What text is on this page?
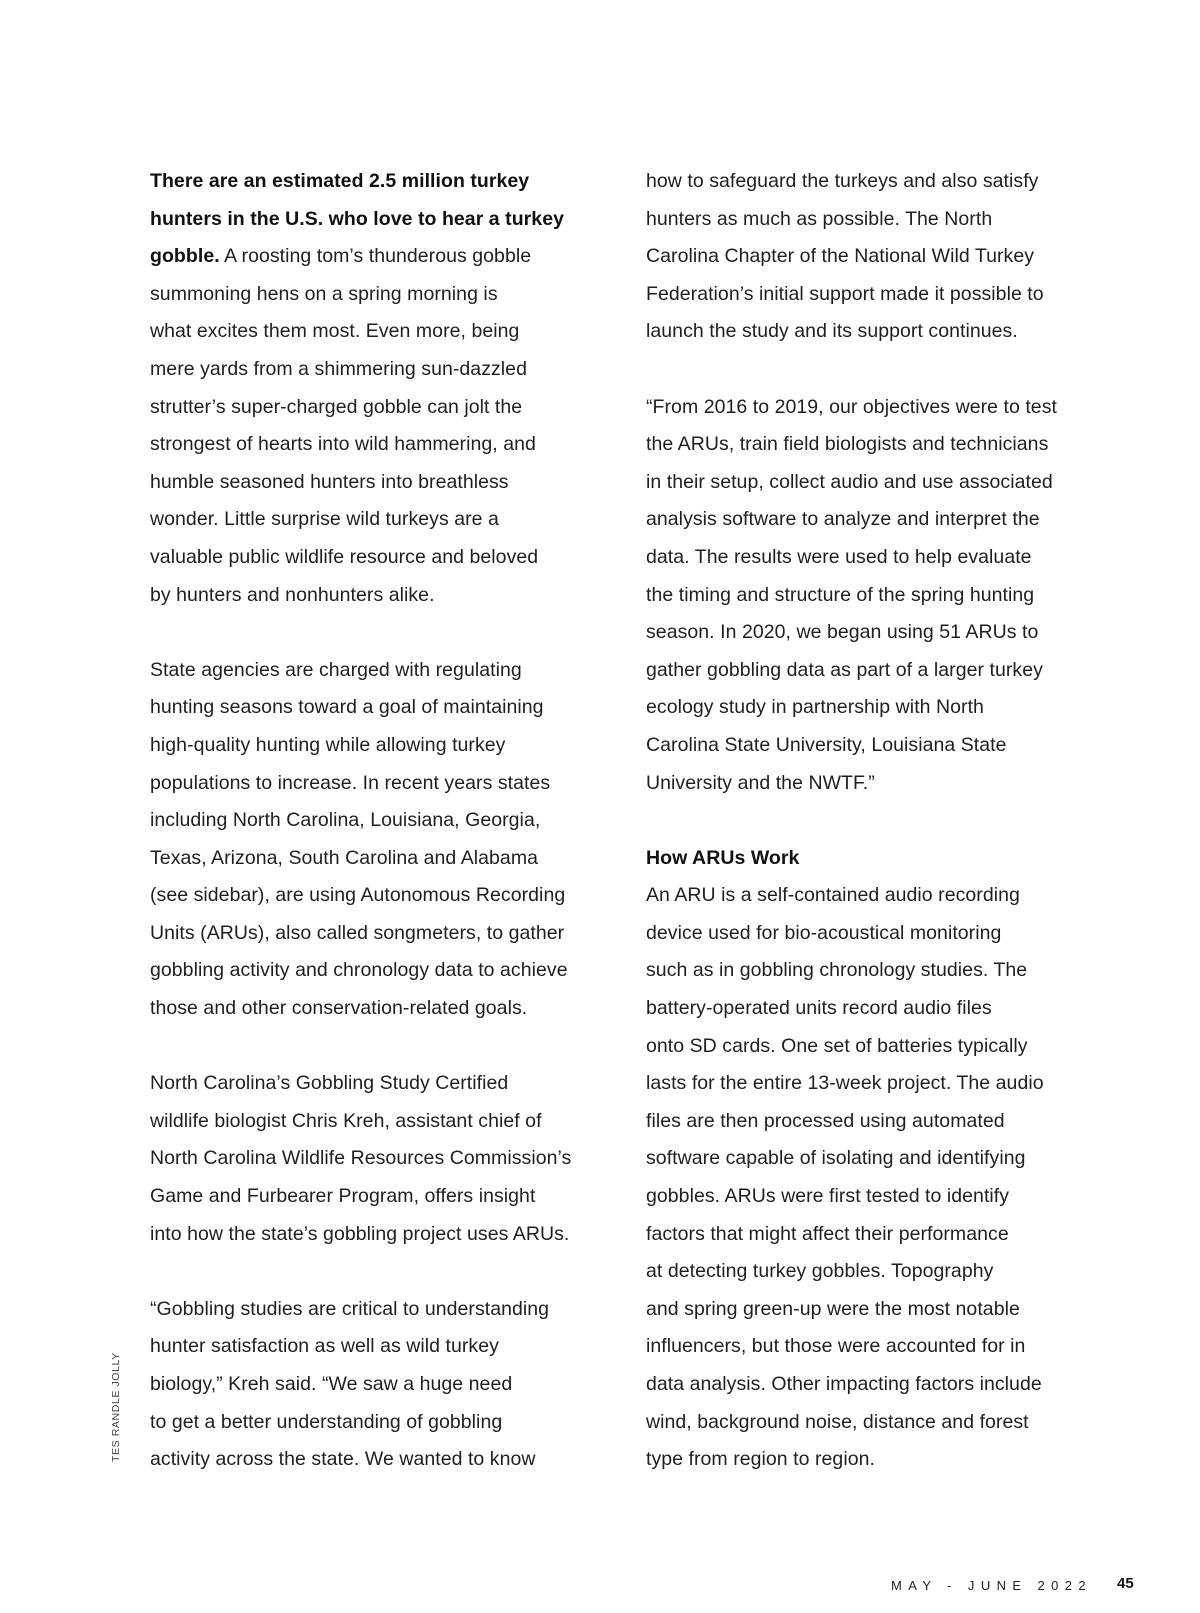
There are an estimated 2.5 million turkey
hunters in the U.S. who love to hear a turkey
gobble. A roosting tom’s thunderous gobble
summoning hens on a spring morning is
what excites them most. Even more, being
mere yards from a shimmering sun-dazzled
strutter’s super-charged gobble can jolt the
strongest of hearts into wild hammering, and
humble seasoned hunters into breathless
wonder. Little surprise wild turkeys are a
valuable public wildlife resource and beloved
by hunters and nonhunters alike.
State agencies are charged with regulating
hunting seasons toward a goal of maintaining
high-quality hunting while allowing turkey
populations to increase. In recent years states
including North Carolina, Louisiana, Georgia,
Texas, Arizona, South Carolina and Alabama
(see sidebar), are using Autonomous Recording
Units (ARUs), also called songmeters, to gather
gobbling activity and chronology data to achieve
those and other conservation-related goals.
North Carolina’s Gobbling Study Certified
wildlife biologist Chris Kreh, assistant chief of
North Carolina Wildlife Resources Commission’s
Game and Furbearer Program, offers insight
into how the state’s gobbling project uses ARUs.
“Gobbling studies are critical to understanding
hunter satisfaction as well as wild turkey
biology,” Kreh said. “We saw a huge need
to get a better understanding of gobbling
activity across the state. We wanted to know
how to safeguard the turkeys and also satisfy
hunters as much as possible. The North
Carolina Chapter of the National Wild Turkey
Federation’s initial support made it possible to
launch the study and its support continues.
“From 2016 to 2019, our objectives were to test
the ARUs, train field biologists and technicians
in their setup, collect audio and use associated
analysis software to analyze and interpret the
data. The results were used to help evaluate
the timing and structure of the spring hunting
season. In 2020, we began using 51 ARUs to
gather gobbling data as part of a larger turkey
ecology study in partnership with North
Carolina State University, Louisiana State
University and the NWTF.”
How ARUs Work
An ARU is a self-contained audio recording
device used for bio-acoustical monitoring
such as in gobbling chronology studies. The
battery-operated units record audio files
onto SD cards. One set of batteries typically
lasts for the entire 13-week project. The audio
files are then processed using automated
software capable of isolating and identifying
gobbles. ARUs were first tested to identify
factors that might affect their performance
at detecting turkey gobbles. Topography
and spring green-up were the most notable
influencers, but those were accounted for in
data analysis. Other impacting factors include
wind, background noise, distance and forest
type from region to region.
TES RANDLE JOLLY
MAY - JUNE 2022 45
